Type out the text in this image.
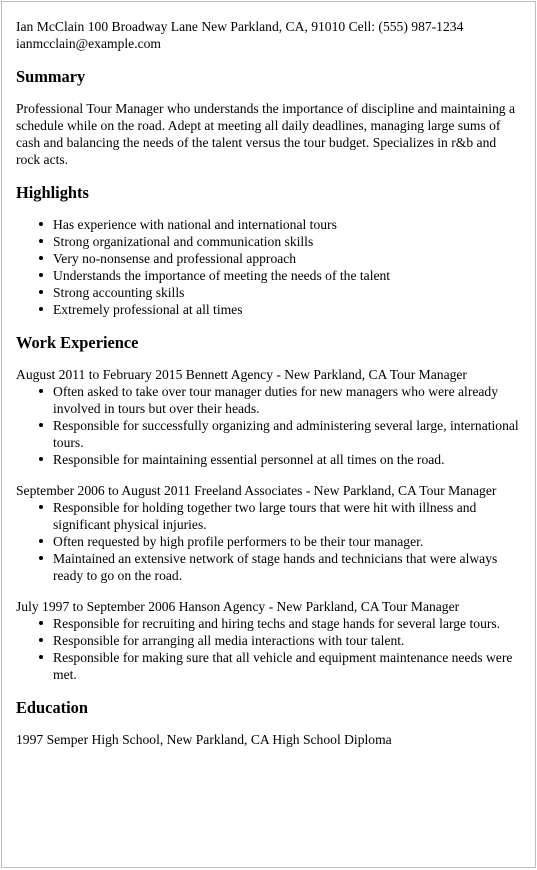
Ian McClain 100 Broadway Lane New Parkland, CA, 91010 Cell: (555) 987-1234
ianmcclain@example.com
Summary

Professional Tour Manager who understands the importance of discipline and maintaining a schedule while on the road. Adept at meeting all daily deadlines, managing large sums of cash and balancing the needs of the talent versus the tour budget. Specializes in r&b and rock acts.

Highlights
Has experience with national and international tours
Strong organizational and communication skills
Very no-nonsense and professional approach
Understands the importance of meeting the needs of the talent
Strong accounting skills
Extremely professional at all times
Work Experience

August 2011 to February 2015 Bennett Agency - New Parkland, CA Tour Manager

Often asked to take over tour manager duties for new managers who were already involved in tours but over their heads.
Responsible for successfully organizing and administering several large, international tours.
Responsible for maintaining essential personnel at all times on the road.

September 2006 to August 2011 Freeland Associates - New Parkland, CA Tour Manager

Responsible for holding together two large tours that were hit with illness and significant physical injuries.
Often requested by high profile performers to be their tour manager.
Maintained an extensive network of stage hands and technicians that were always ready to go on the road.

July 1997 to September 2006 Hanson Agency - New Parkland, CA Tour Manager

Responsible for recruiting and hiring techs and stage hands for several large tours.
Responsible for arranging all media interactions with tour talent.
Responsible for making sure that all vehicle and equipment maintenance needs were met.
Education

1997 Semper High School, New Parkland, CA High School Diploma
